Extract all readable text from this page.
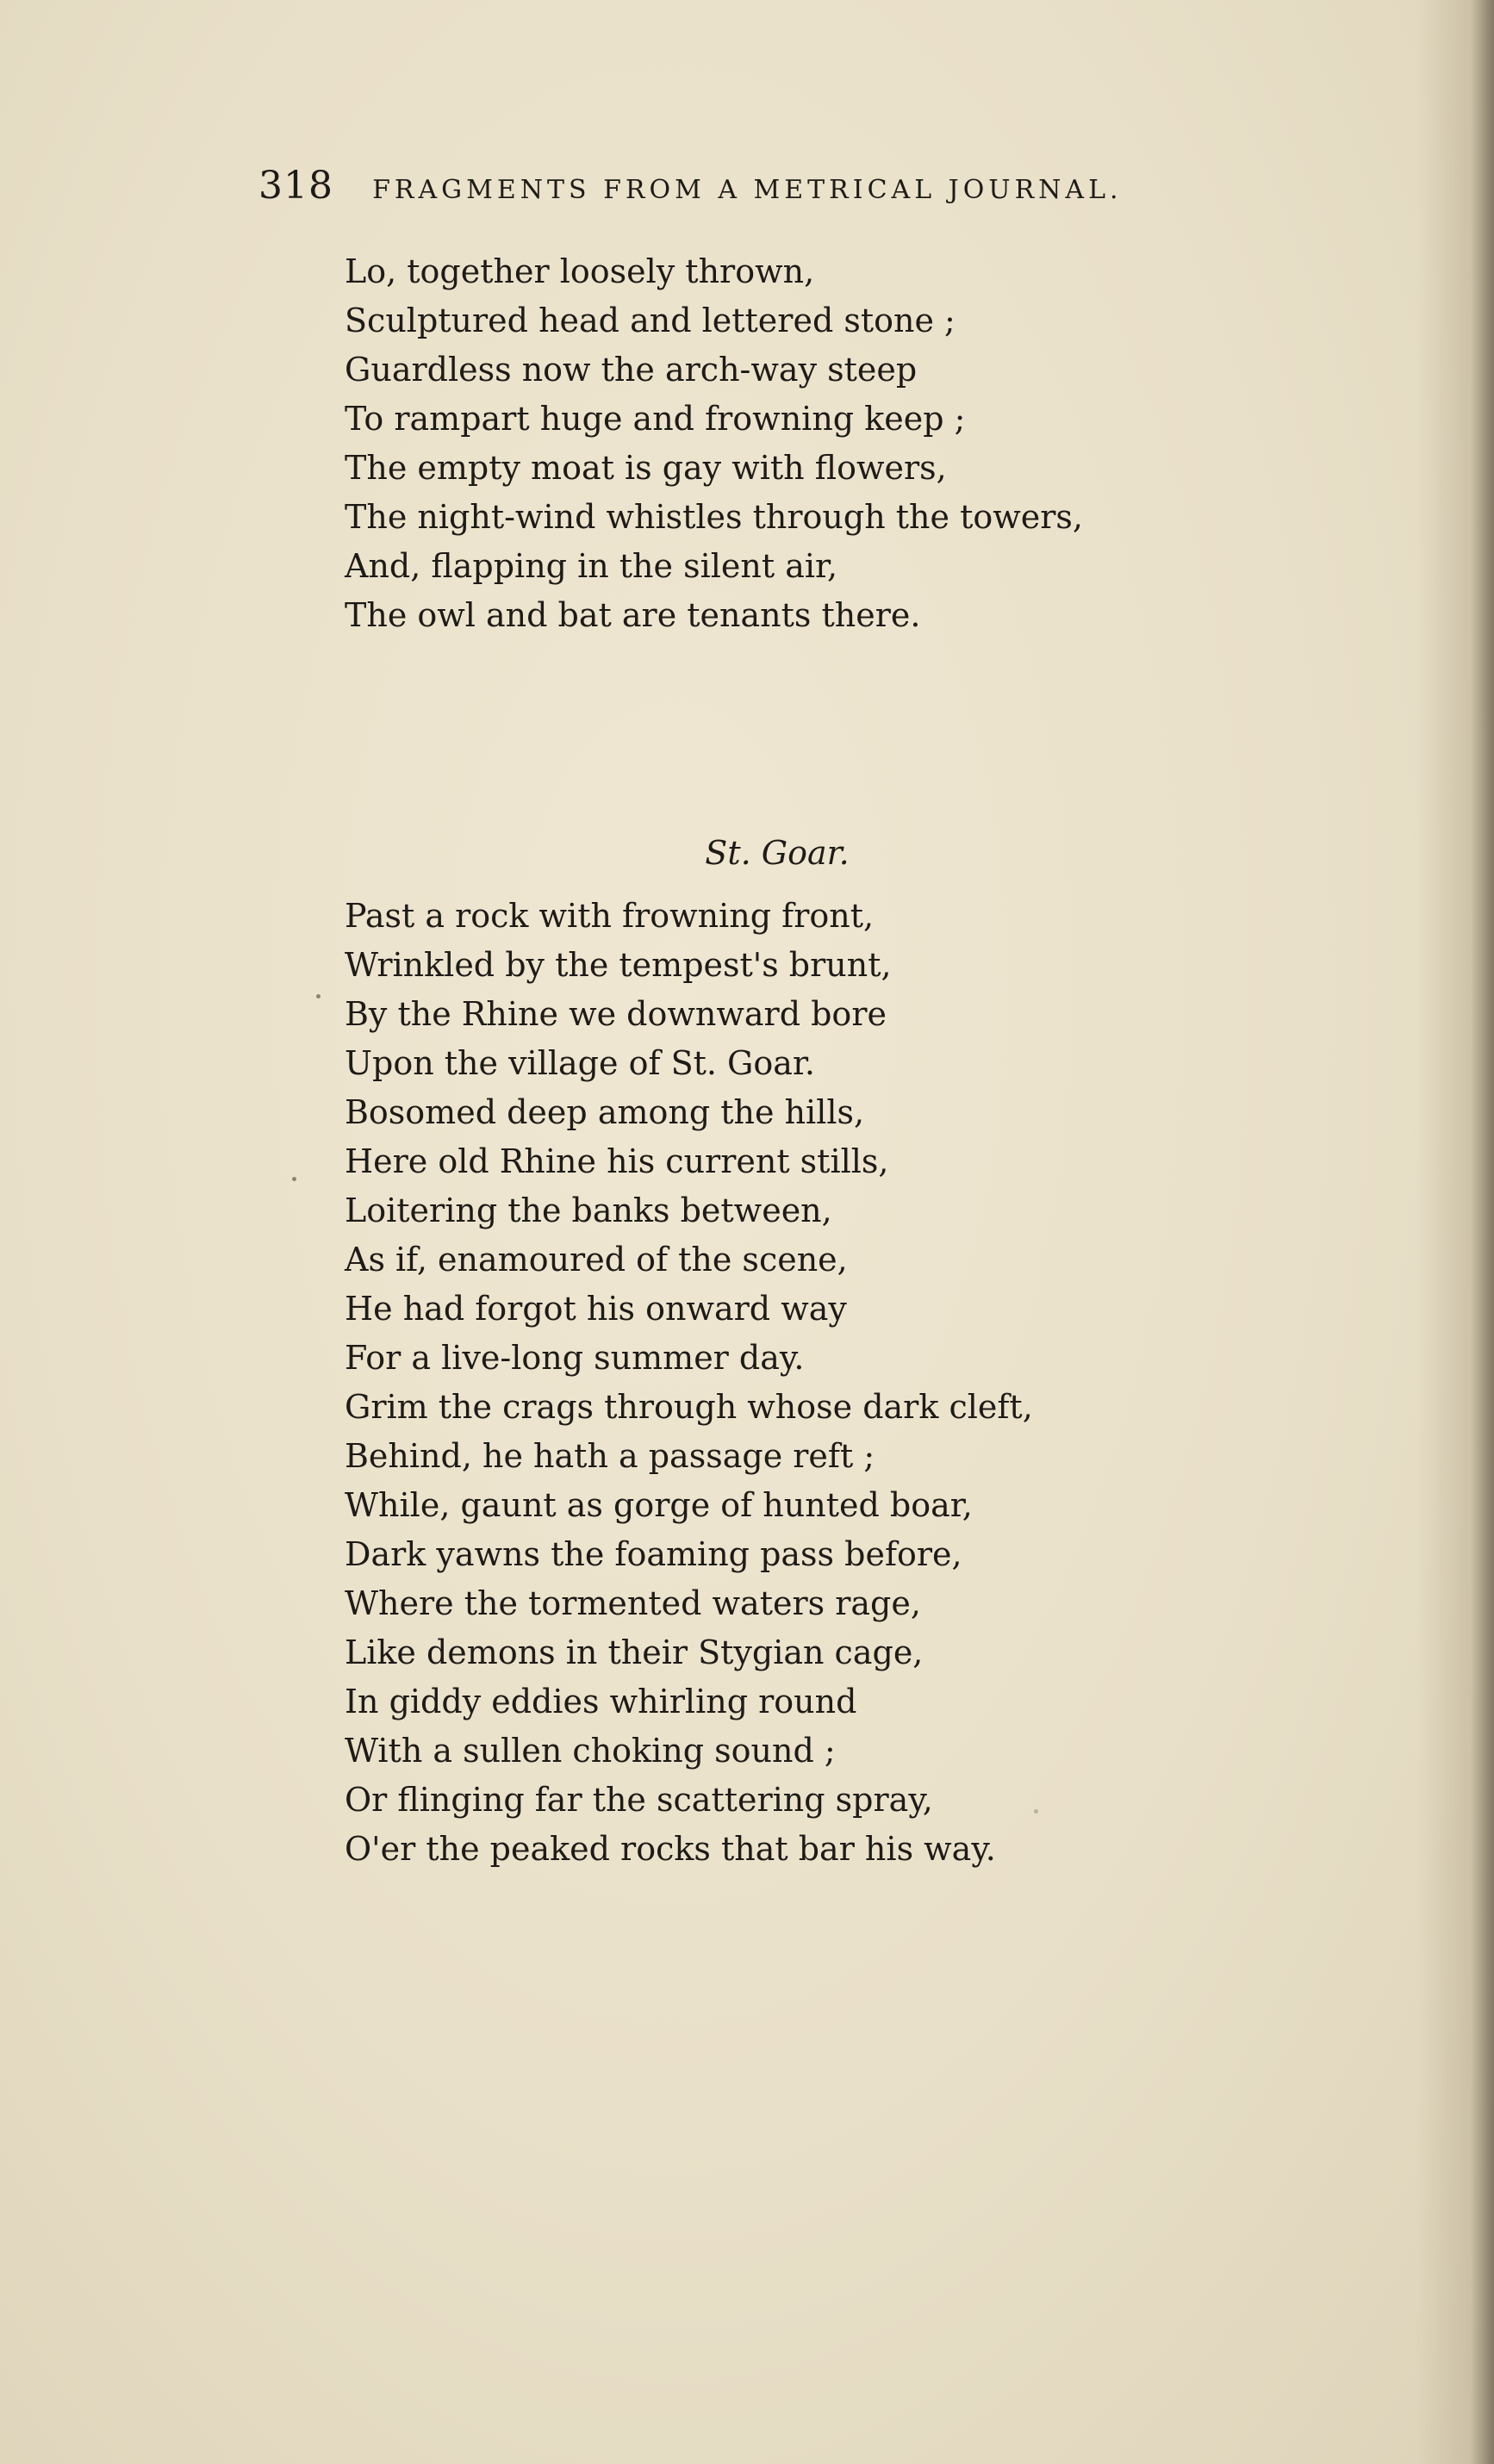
318 FRAGMENTS FROM A METRICAL JOURNAL.
Lo, together loosely thrown,
Sculptured head and lettered stone ;
Guardless now the arch-way steep
To rampart huge and frowning keep ;
The empty moat is gay with flowers,
The night-wind whistles through the towers,
And, flapping in the silent air,
The owl and bat are tenants there.
St. Goar.
Past a rock with frowning front,
Wrinkled by the tempest's brunt,
By the Rhine we downward bore
Upon the village of St. Goar.
Bosomed deep among the hills,
Here old Rhine his current stills,
Loitering the banks between,
As if, enamoured of the scene,
He had forgot his onward way
For a live-long summer day.
Grim the crags through whose dark cleft,
Behind, he hath a passage reft ;
While, gaunt as gorge of hunted boar,
Dark yawns the foaming pass before,
Where the tormented waters rage,
Like demons in their Stygian cage,
In giddy eddies whirling round
With a sullen choking sound ;
Or flinging far the scattering spray,
O'er the peaked rocks that bar his way.
